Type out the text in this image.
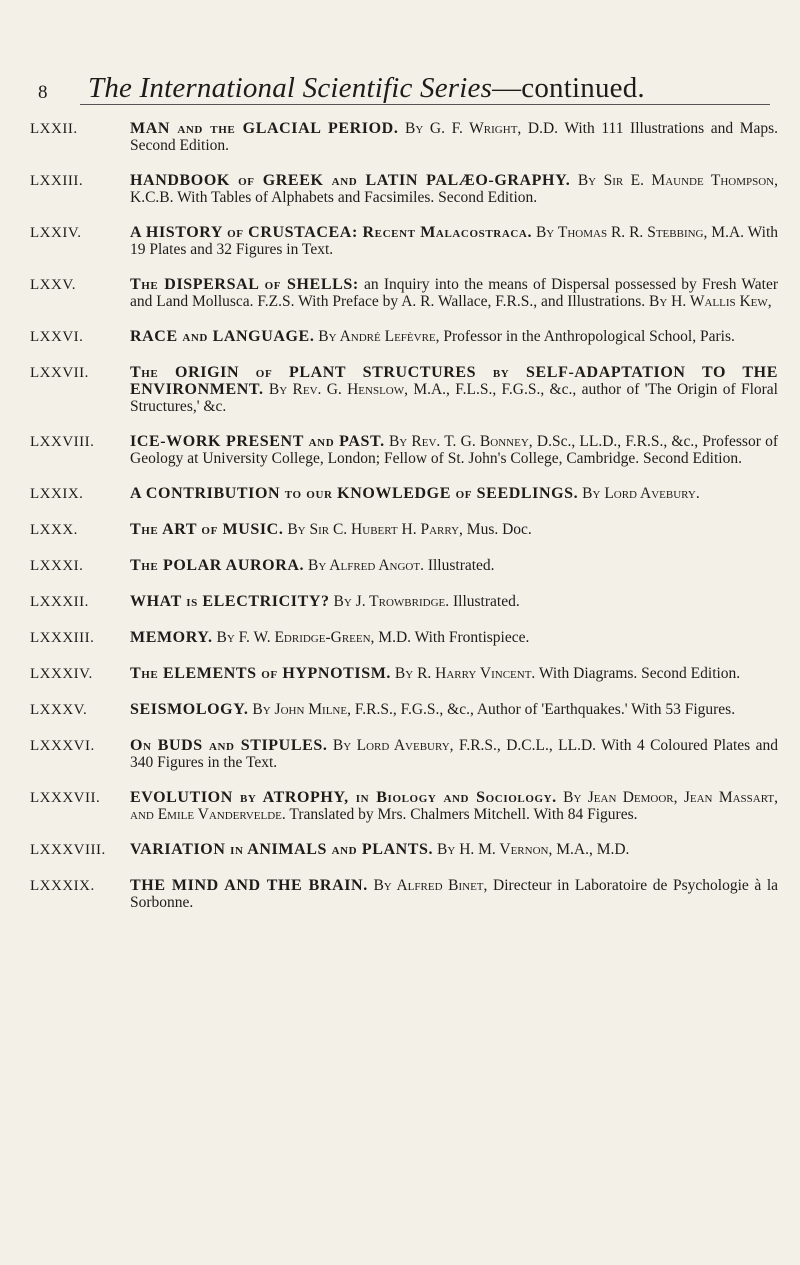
8 The International Scientific Series—continued.
LXXII.	MAN and the GLACIAL PERIOD. By G. F. Wright, D.D. With 111 Illustrations and Maps. Second Edition.
LXXIII.	HANDBOOK of GREEK and LATIN PALÆO-GRAPHY. By Sir E. Maunde Thompson, K.C.B. With Tables of Alphabets and Facsimiles. Second Edition.
LXXIV.	A HISTORY of CRUSTACEA: Recent Malacostraca. By Thomas R. R. Stebbing, M.A. With 19 Plates and 32 Figures in Text.
LXXV.	The DISPERSAL of SHELLS: an Inquiry into the means of Dispersal possessed by Fresh Water and Land Mollusca. F.Z.S. With Preface by A. R. Wallace, F.R.S., and Illustrations. By H. Wallis Kew,
LXXVI.	RACE and LANGUAGE. By André Lefèvre, Professor in the Anthropological School, Paris.
LXXVII.	The ORIGIN of PLANT STRUCTURES by SELF-ADAPTATION TO THE ENVIRONMENT. By Rev. G. Henslow, M.A., F.L.S., F.G.S., &c., author of 'The Origin of Floral Structures,' &c.
LXXVIII.	ICE-WORK PRESENT and PAST. By Rev. T. G. Bonney, D.Sc., LL.D., F.R.S., &c., Professor of Geology at University College, London; Fellow of St. John's College, Cambridge. Second Edition.
LXXIX.	A CONTRIBUTION to our KNOWLEDGE of SEEDLINGS. By Lord Avebury.
LXXX.	The ART of MUSIC. By Sir C. Hubert H. Parry, Mus. Doc.
LXXXI.	The POLAR AURORA. By Alfred Angot. Illustrated.
LXXXII.	WHAT is ELECTRICITY? By J. Trowbridge. Illustrated.
LXXXIII.	MEMORY. By F. W. Edridge-Green, M.D. With Frontispiece.
LXXXIV.	The ELEMENTS of HYPNOTISM. By R. Harry Vincent. With Diagrams. Second Edition.
LXXXV.	SEISMOLOGY. By John Milne, F.R.S., F.G.S., &c., Author of 'Earthquakes.' With 53 Figures.
LXXXVI.	On BUDS and STIPULES. By Lord Avebury, F.R.S., D.C.L., LL.D. With 4 Coloured Plates and 340 Figures in the Text.
LXXXVII.	EVOLUTION by ATROPHY, in Biology and Sociology. By Jean Demoor, Jean Massart, and Emile Vandervelde. Translated by Mrs. Chalmers Mitchell. With 84 Figures.
LXXXVIII.	VARIATION in ANIMALS and PLANTS. By H. M. Vernon, M.A., M.D.
LXXXIX.	THE MIND AND THE BRAIN. By Alfred Binet, Directeur in Laboratoire de Psychologie à la Sorbonne.
